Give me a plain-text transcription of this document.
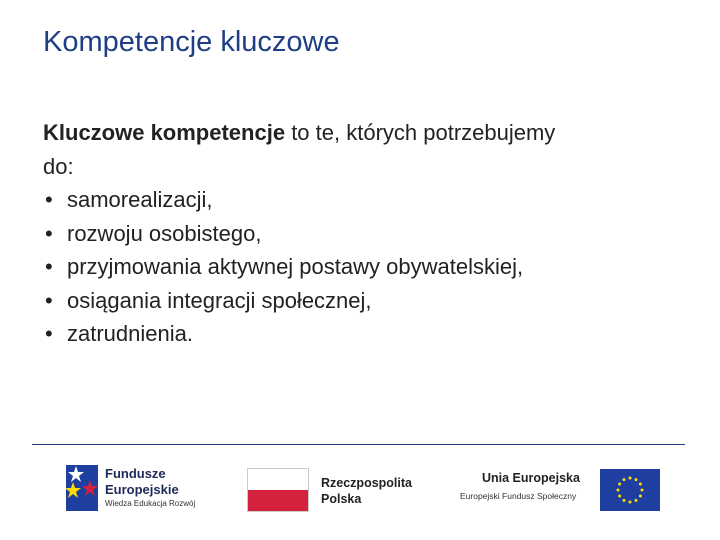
Kompetencje kluczowe
Kluczowe kompetencje to te, których potrzebujemy
do:
• samorealizacji,
• rozwoju osobistego,
• przyjmowania aktywnej postawy obywatelskiej,
• osiągania integracji społecznej,
• zatrudnienia.
Fundusze
Europejskie
Wiedza Edukacja Rozwój
Rzeczpospolita
Polska
Unia Europejska
Europejski Fundusz Społeczny
